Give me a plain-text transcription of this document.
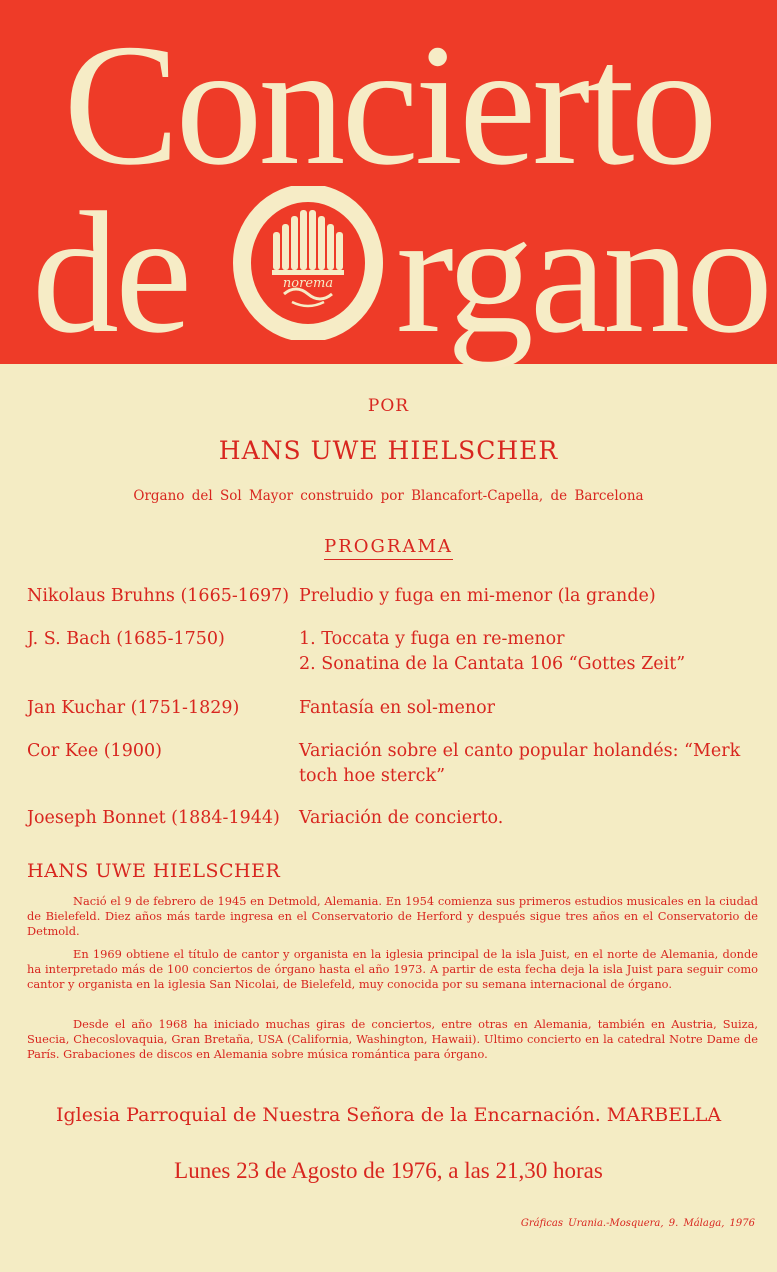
Concierto
de rgano
norema
POR
HANS UWE HIELSCHER
Organo del Sol Mayor construido por Blancafort-Capella, de Barcelona
PROGRAMA
Nikolaus Bruhns (1665-1697) Preludio y fuga en mi-menor (la grande)
J. S. Bach (1685-1750)	1. Toccata y fuga en re-menor
2. Sonatina de la Cantata 106 “Gottes Zeit”
Jan Kuchar (1751-1829)	Fantasía en sol-menor
Cor Kee (1900)	Variación sobre el canto popular holandés: “Merk toch hoe sterck”
Joeseph Bonnet (1884-1944) Variación de concierto.
HANS UWE HIELSCHER
Nació el 9 de febrero de 1945 en Detmold, Alemania. En 1954 comienza sus primeros estudios musicales en la ciudad de Bielefeld. Diez años más tarde ingresa en el Conservatorio de Herford y después sigue tres años en el Conservatorio de Detmold.
En 1969 obtiene el título de cantor y organista en la iglesia principal de la isla Juist, en el norte de Alemania, donde ha interpretado más de 100 conciertos de órgano hasta el año 1973. A partir de esta fecha deja la isla Juist para seguir como cantor y organista en la iglesia San Nicolai, de Bielefeld, muy conocida por su semana internacional de órgano.
Desde el año 1968 ha iniciado muchas giras de conciertos, entre otras en Alemania, también en Austria, Suiza, Suecia, Checoslovaquia, Gran Bretaña, USA (California, Washington, Hawaii). Ultimo concierto en la catedral Notre Dame de París. Grabaciones de discos en Alemania sobre música romántica para órgano.
Iglesia Parroquial de Nuestra Señora de la Encarnación. MARBELLA
Lunes 23 de Agosto de 1976, a las 21,30 horas
Gráficas Urania.-Mosquera, 9. Málaga, 1976
